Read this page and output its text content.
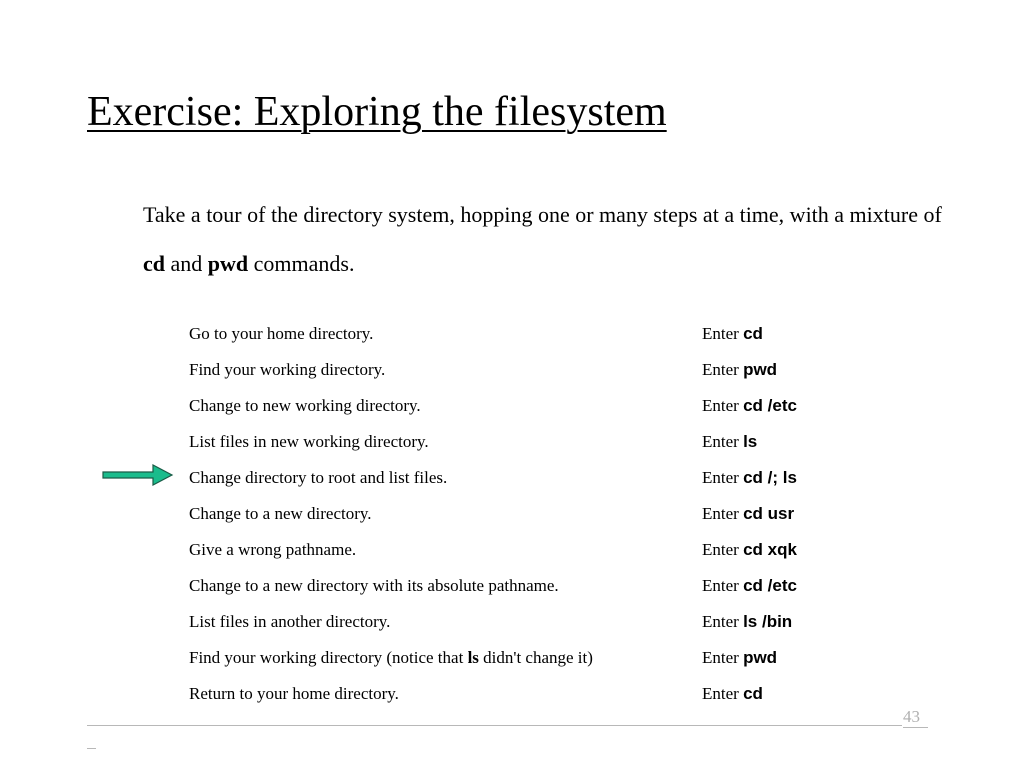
Exercise: Exploring the filesystem

Take a tour of the directory system, hopping one or many steps at a time, with a mixture of cd and pwd commands.

Go to your home directory.	Enter cd
Find your working directory.	Enter pwd
Change to new working directory.	Enter cd /etc
List files in new working directory.	Enter ls
Change directory to root and list files.	Enter cd /; ls
Change to a new directory.	Enter cd usr
Give a wrong pathname.	Enter cd xqk
Change to a new directory with its absolute pathname.	Enter cd /etc
List files in another directory.	Enter ls /bin
Find your working directory (notice that ls didn't change it)	Enter pwd
Return to your home directory.	Enter cd
43
